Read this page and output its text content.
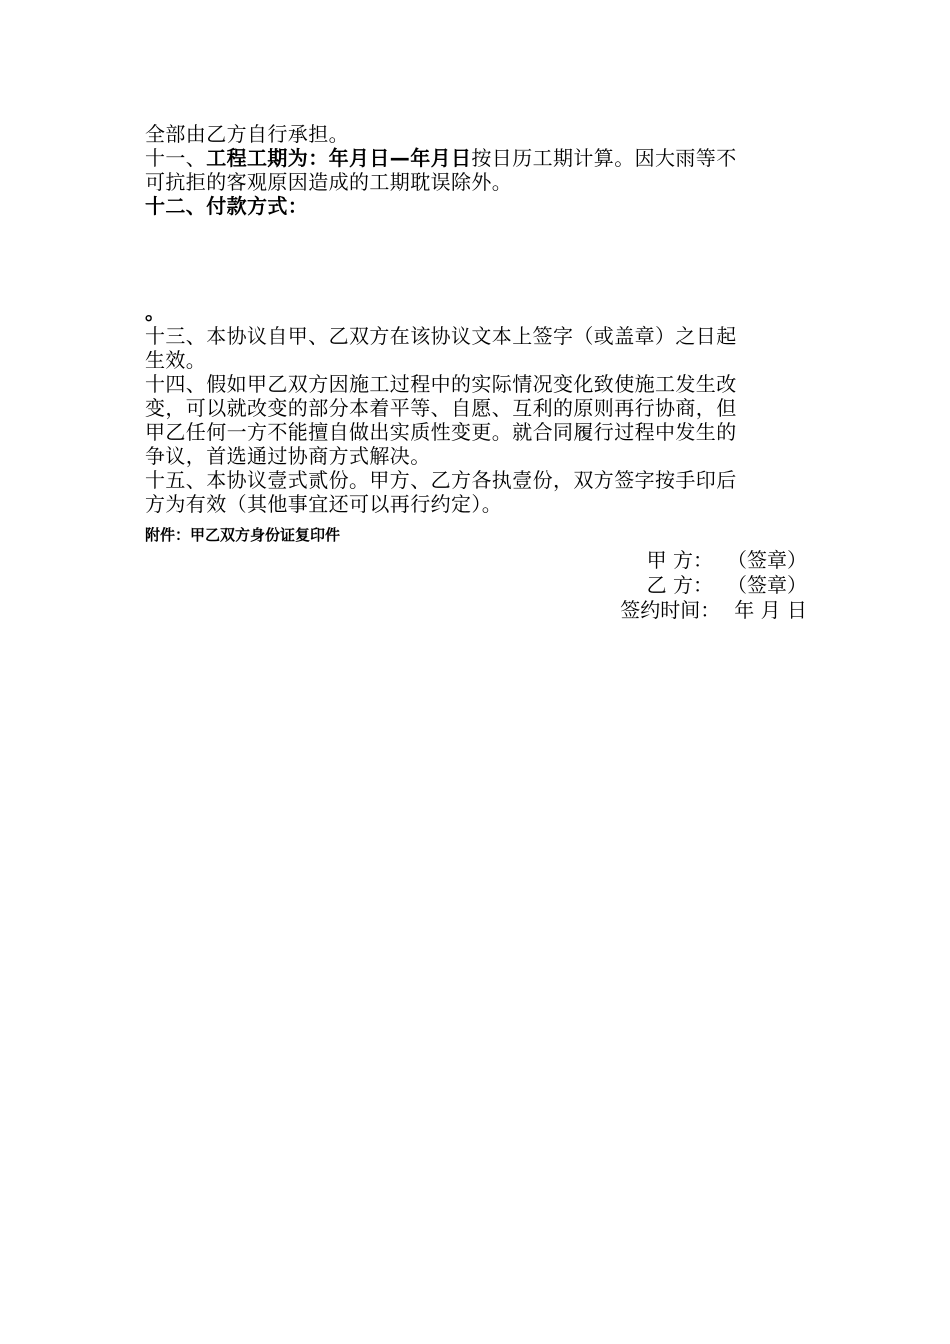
全部由乙方自行承担。
十一、工程工期为：年月日—年月日按日历工期计算。因大雨等不
可抗拒的客观原因造成的工期耽误除外。
十二、付款方式：
。
十三、本协议自甲、乙双方在该协议文本上签字（或盖章）之日起
生效。
十四、假如甲乙双方因施工过程中的实际情况变化致使施工发生改
变，可以就改变的部分本着平等、自愿、互利的原则再行协商，但
甲乙任何一方不能擅自做出实质性变更。就合同履行过程中发生的
争议，首选通过协商方式解决。
十五、本协议壹式贰份。甲方、乙方各执壹份，双方签字按手印后
方为有效（其他事宜还可以再行约定）。
附件：甲乙双方身份证复印件
甲 方： （签章）
乙 方： （签章）
签约时间： 年 月 日
